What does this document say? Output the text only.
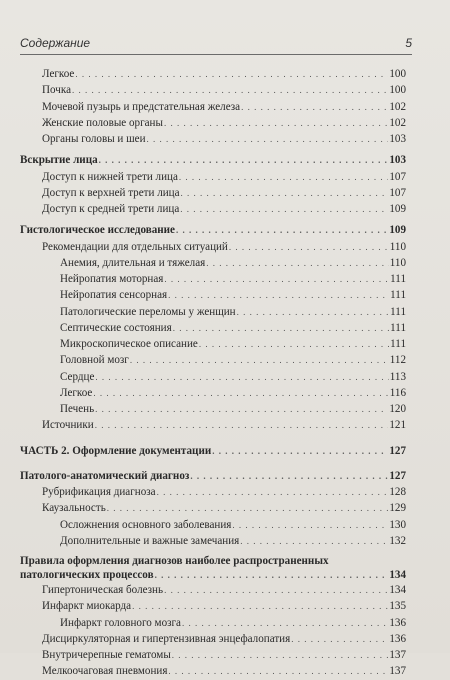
Содержание	5
Легкое . . .	100
Почка . . .	100
Мочевой пузырь и предстательная железа . . .	102
Женские половые органы . . .	102
Органы головы и шеи . . .	103
Вскрытие лица . . .	103
Доступ к нижней трети лица . . .	107
Доступ к верхней трети лица . . .	107
Доступ к средней трети лица . . .	109
Гистологическое исследование . . .	109
Рекомендации для отдельных ситуаций . . .	110
Анемия, длительная и тяжелая . . .	110
Нейропатия моторная . . .	111
Нейропатия сенсорная . . .	111
Патологические переломы у женщин . . .	111
Септические состояния . . .	111
Микроскопическое описание . . .	111
Головной мозг . . .	112
Сердце . . .	113
Легкое . . .	116
Печень . . .	120
Источники . . .	121
ЧАСТЬ 2. Оформление документации . . .	127
Патолого-анатомический диагноз . . .	127
Рубрификация диагноза . . .	128
Каузальность . . .	129
Осложнения основного заболевания . . .	130
Дополнительные и важные замечания . . .	132
Правила оформления диагнозов наиболее распространенных
патологических процессов . . .	134
Гипертоническая болезнь . . .	134
Инфаркт миокарда . . .	135
Инфаркт головного мозга . . .	136
Дисциркуляторная и гипертензивная энцефалопатия . . .	136
Внутричерепные гематомы . . .	137
Мелкоочаговая пневмония . . .	137
